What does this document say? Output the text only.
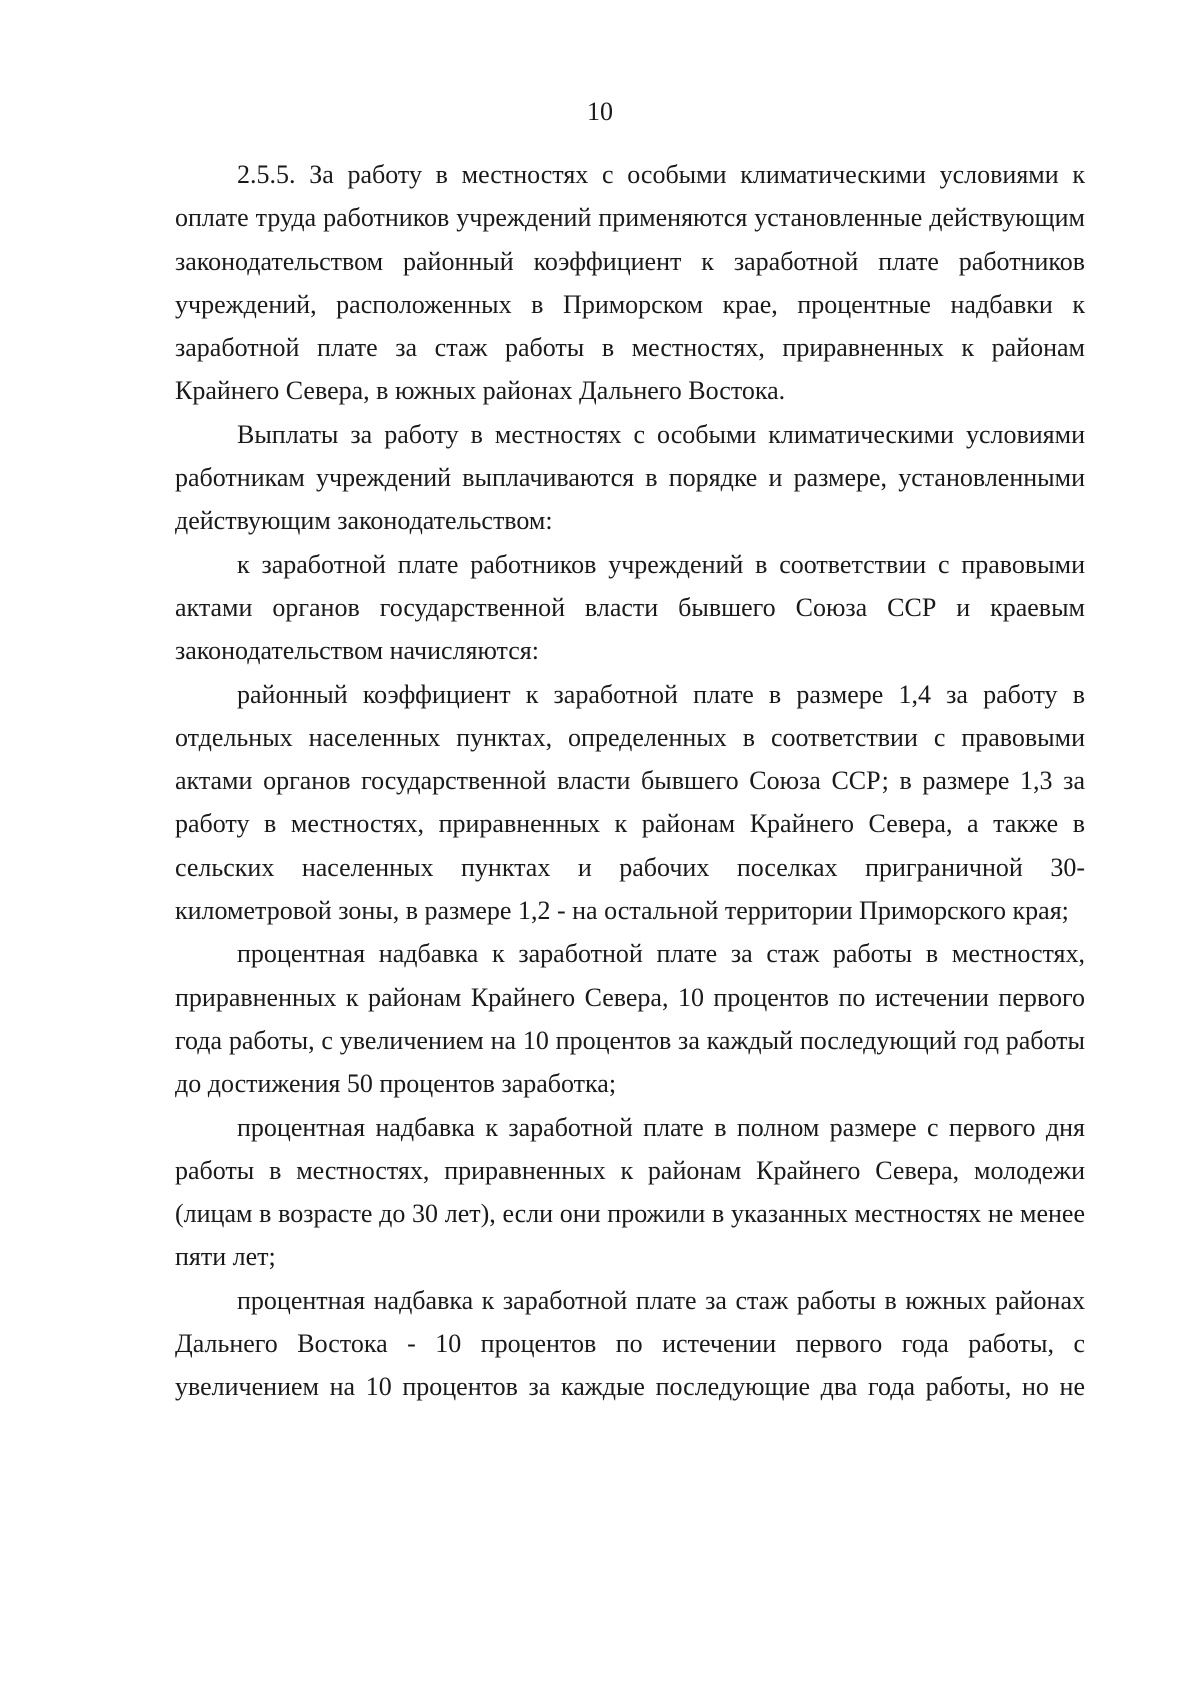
10

2.5.5. За работу в местностях с особыми климатическими условиями к оплате труда работников учреждений применяются установленные действующим законодательством районный коэффициент к заработной плате работников учреждений, расположенных в Приморском крае, процентные надбавки к заработной плате за стаж работы в местностях, приравненных к районам Крайнего Севера, в южных районах Дальнего Востока.

Выплаты за работу в местностях с особыми климатическими условиями работникам учреждений выплачиваются в порядке и размере, установленными действующим законодательством:

к заработной плате работников учреждений в соответствии с правовыми актами органов государственной власти бывшего Союза ССР и краевым законодательством начисляются:

районный коэффициент к заработной плате в размере 1,4 за работу в отдельных населенных пунктах, определенных в соответствии с правовыми актами органов государственной власти бывшего Союза ССР; в размере 1,3 за работу в местностях, приравненных к районам Крайнего Севера, а также в сельских населенных пунктах и рабочих поселках приграничной 30-километровой зоны, в размере 1,2 - на остальной территории Приморского края;

процентная надбавка к заработной плате за стаж работы в местностях, приравненных к районам Крайнего Севера, 10 процентов по истечении первого года работы, с увеличением на 10 процентов за каждый последующий год работы до достижения 50 процентов заработка;

процентная надбавка к заработной плате в полном размере с первого дня работы в местностях, приравненных к районам Крайнего Севера, молодежи (лицам в возрасте до 30 лет), если они прожили в указанных местностях не менее пяти лет;

процентная надбавка к заработной плате за стаж работы в южных районах Дальнего Востока - 10 процентов по истечении первого года работы, с увеличением на 10 процентов за каждые последующие два года работы, но не
